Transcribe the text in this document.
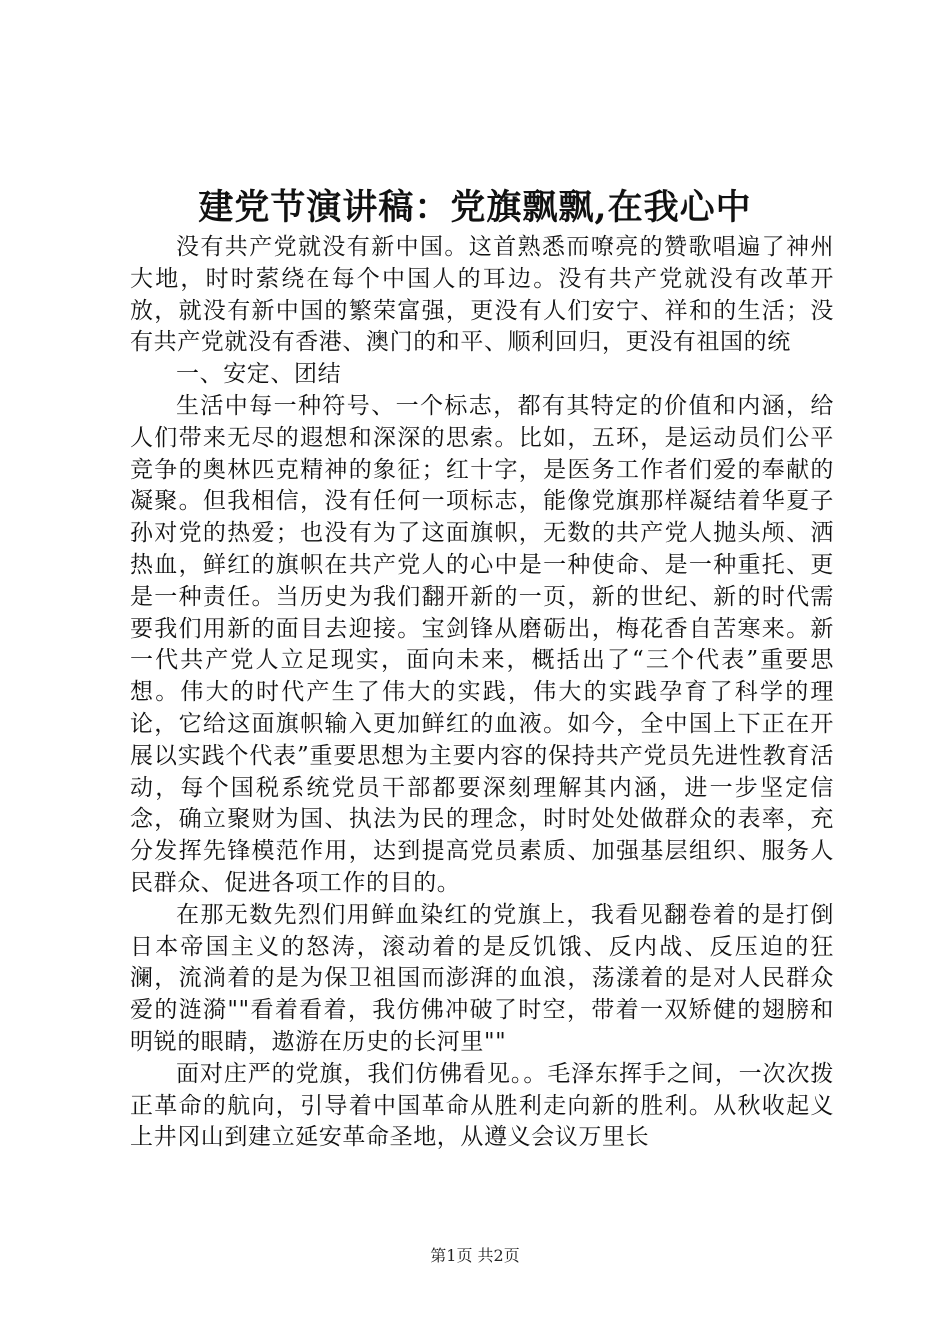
建党节演讲稿：党旗飘飘,在我心中

没有共产党就没有新中国。这首熟悉而嘹亮的赞歌唱遍了神州大地，时时萦绕在每个中国人的耳边。没有共产党就没有改革开放，就没有新中国的繁荣富强，更没有人们安宁、祥和的生活；没有共产党就没有香港、澳门的和平、顺利回归，更没有祖国的统

一、安定、团结

生活中每一种符号、一个标志，都有其特定的价值和内涵，给人们带来无尽的遐想和深深的思索。比如，五环，是运动员们公平竞争的奥林匹克精神的象征；红十字，是医务工作者们爱的奉献的凝聚。但我相信，没有任何一项标志，能像党旗那样凝结着华夏子孙对党的热爱；也没有为了这面旗帜，无数的共产党人抛头颅、洒热血，鲜红的旗帜在共产党人的心中是一种使命、是一种重托、更是一种责任。当历史为我们翻开新的一页，新的世纪、新的时代需要我们用新的面目去迎接。宝剑锋从磨砺出，梅花香自苦寒来。新一代共产党人立足现实，面向未来，概括出了“三个代表”重要思想。伟大的时代产生了伟大的实践，伟大的实践孕育了科学的理论，它给这面旗帜输入更加鲜红的血液。如今，全中国上下正在开展以实践个代表”重要思想为主要内容的保持共产党员先进性教育活动，每个国税系统党员干部都要深刻理解其内涵，进一步坚定信念，确立聚财为国、执法为民的理念，时时处处做群众的表率，充分发挥先锋模范作用，达到提高党员素质、加强基层组织、服务人民群众、促进各项工作的目的。

在那无数先烈们用鲜血染红的党旗上，我看见翻卷着的是打倒日本帝国主义的怒涛，滚动着的是反饥饿、反内战、反压迫的狂澜，流淌着的是为保卫祖国而澎湃的血浪，荡漾着的是对人民群众爱的涟漪""看着看着，我仿佛冲破了时空，带着一双矫健的翅膀和明锐的眼睛，遨游在历史的长河里""

面对庄严的党旗，我们仿佛看见。。毛泽东挥手之间，一次次拨正革命的航向，引导着中国革命从胜利走向新的胜利。从秋收起义上井冈山到建立延安革命圣地，从遵义会议万里长

第1页 共2页
